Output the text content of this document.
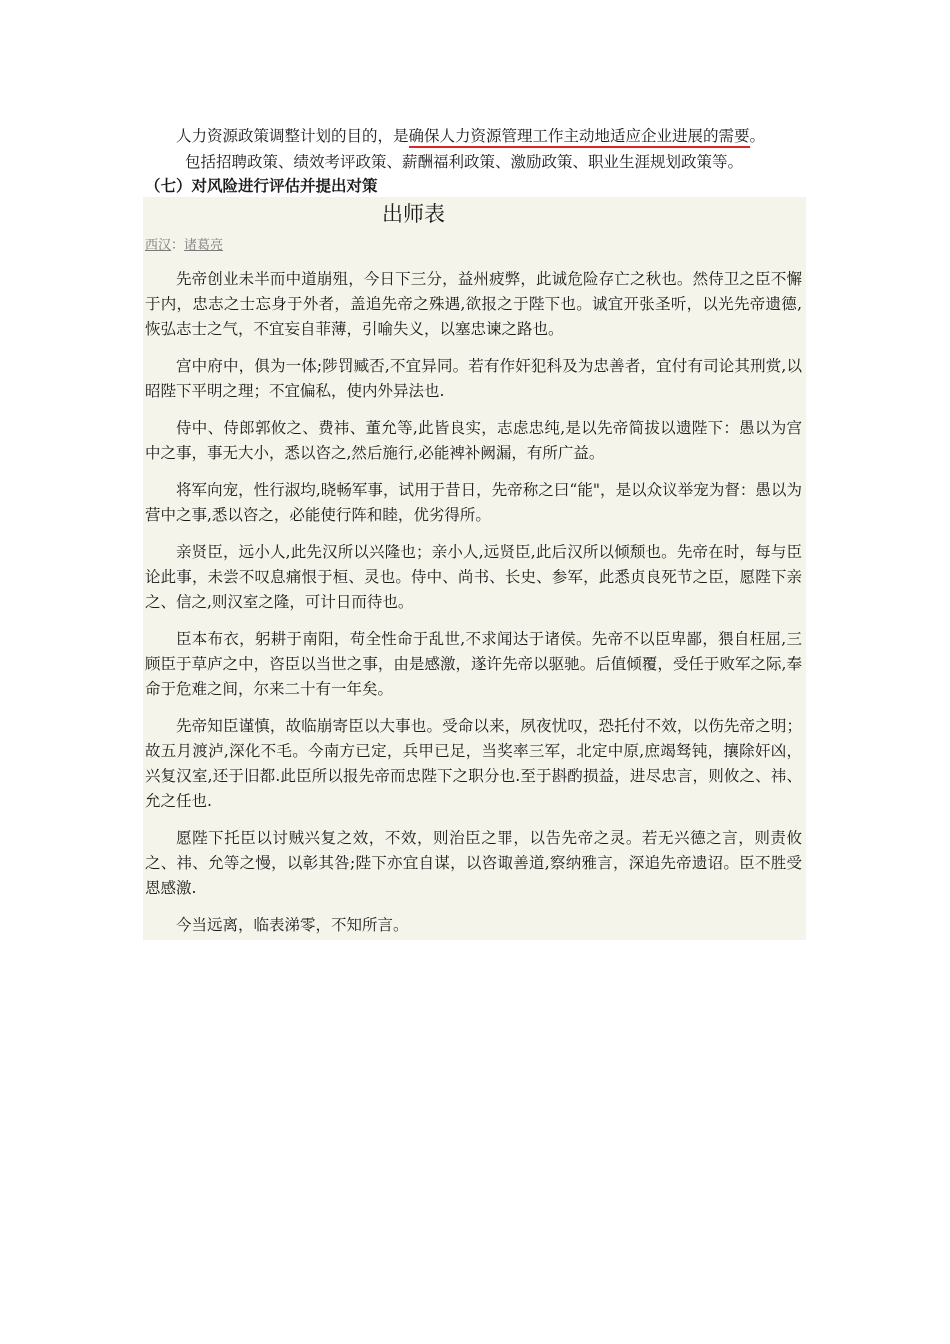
人力资源政策调整计划的目的，是确保人力资源管理工作主动地适应企业进展的需要。
包括招聘政策、绩效考评政策、薪酬福利政策、激励政策、职业生涯规划政策等。
（七）对风险进行评估并提出对策
出师表
西汉：诸葛亮

先帝创业未半而中道崩殂，今日下三分，益州疲弊，此诚危险存亡之秋也。然侍卫之臣不懈于内，忠志之士忘身于外者，盖追先帝之殊遇,欲报之于陛下也。诚宜开张圣听，以光先帝遗德,恢弘志士之气，不宜妄自菲薄，引喻失义，以塞忠谏之路也。

宫中府中，俱为一体;陟罚臧否,不宜异同。若有作奸犯科及为忠善者，宜付有司论其刑赏,以昭陛下平明之理；不宜偏私，使内外异法也.

侍中、侍郎郭攸之、费祎、董允等,此皆良实，志虑忠纯,是以先帝简拔以遗陛下：愚以为宫中之事，事无大小，悉以咨之,然后施行,必能裨补阙漏，有所广益。

将军向宠，性行淑均,晓畅军事，试用于昔日，先帝称之曰“能"，是以众议举宠为督：愚以为营中之事,悉以咨之，必能使行阵和睦，优劣得所。

亲贤臣，远小人,此先汉所以兴隆也；亲小人,远贤臣,此后汉所以倾颓也。先帝在时，每与臣论此事，未尝不叹息痛恨于桓、灵也。侍中、尚书、长史、参军，此悉贞良死节之臣，愿陛下亲之、信之,则汉室之隆，可计日而待也。

臣本布衣，躬耕于南阳，苟全性命于乱世,不求闻达于诸侯。先帝不以臣卑鄙，猥自枉屈,三顾臣于草庐之中，咨臣以当世之事，由是感激，遂许先帝以驱驰。后值倾覆，受任于败军之际,奉命于危难之间，尔来二十有一年矣。

先帝知臣谨慎，故临崩寄臣以大事也。受命以来，夙夜忧叹，恐托付不效，以伤先帝之明；故五月渡泸,深化不毛。今南方已定，兵甲已足，当奖率三军，北定中原,庶竭驽钝，攘除奸凶，兴复汉室,还于旧都.此臣所以报先帝而忠陛下之职分也.至于斟酌损益，进尽忠言，则攸之、祎、允之任也.

愿陛下托臣以讨贼兴复之效，不效，则治臣之罪，以告先帝之灵。若无兴德之言，则责攸之、祎、允等之慢，以彰其咎;陛下亦宜自谋，以咨诹善道,察纳雅言，深追先帝遗诏。臣不胜受恩感激.

今当远离，临表涕零，不知所言。
